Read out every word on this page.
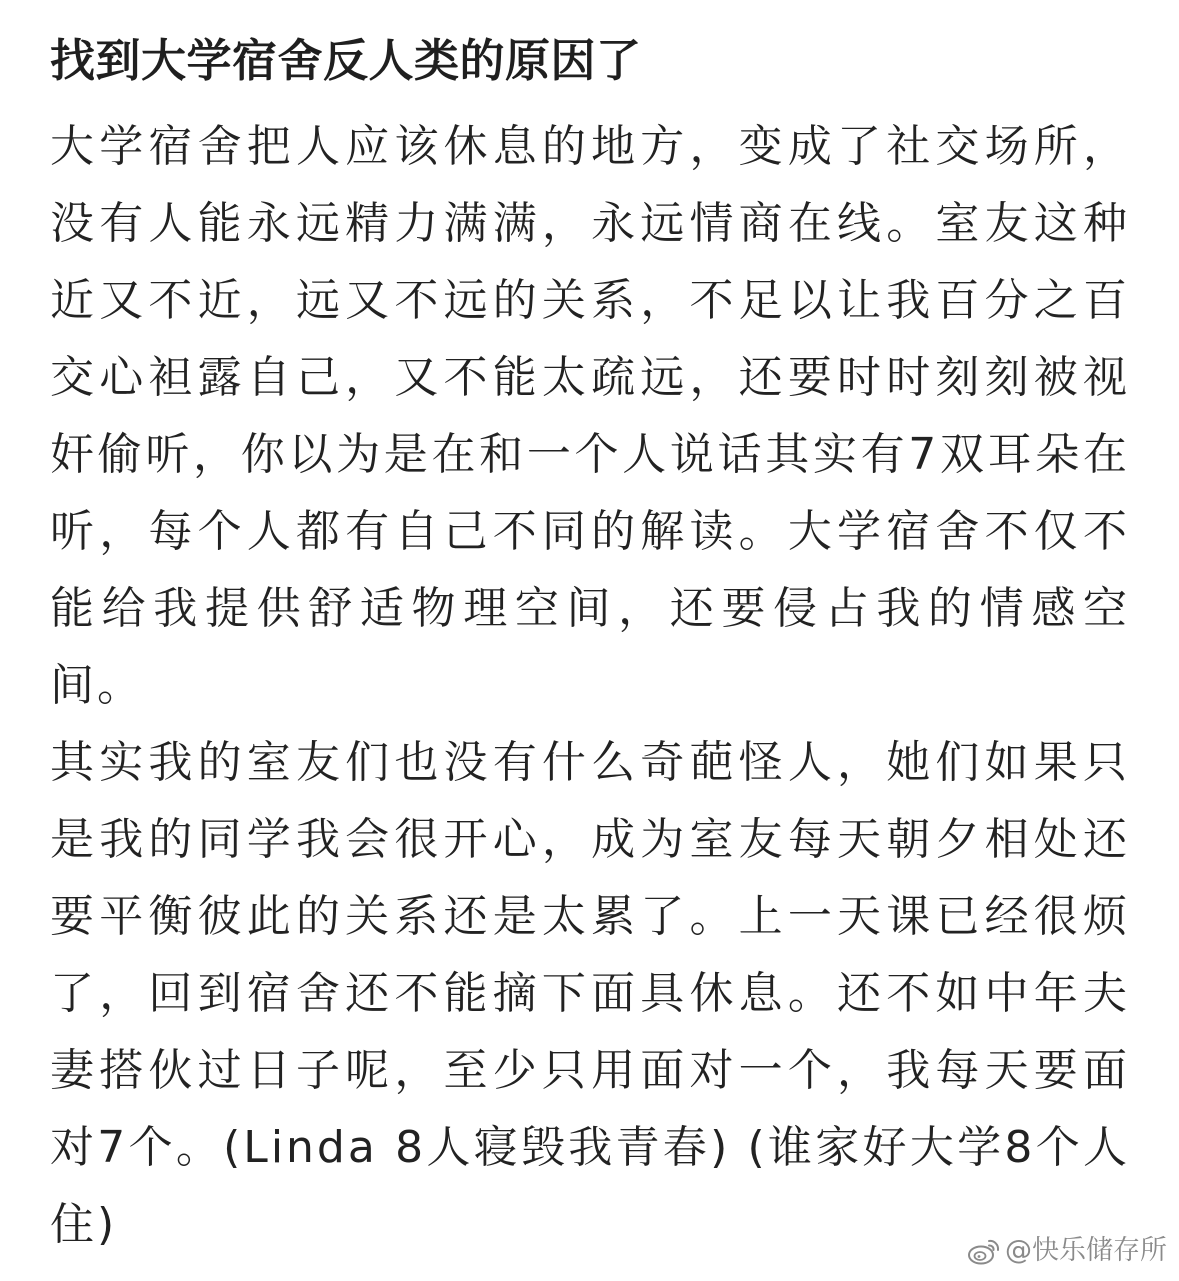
找到大学宿舍反人类的原因了

大学宿舍把人应该休息的地方，变成了社交场所，没有人能永远精力满满，永远情商在线。室友这种近又不近，远又不远的关系，不足以让我百分之百交心袒露自己，又不能太疏远，还要时时刻刻被视奸偷听，你以为是在和一个人说话其实有7双耳朵在听，每个人都有自己不同的解读。大学宿舍不仅不能给我提供舒适物理空间，还要侵占我的情感空间。

其实我的室友们也没有什么奇葩怪人，她们如果只是我的同学我会很开心，成为室友每天朝夕相处还要平衡彼此的关系还是太累了。上一天课已经很烦了，回到宿舍还不能摘下面具休息。还不如中年夫妻搭伙过日子呢，至少只用面对一个，我每天要面对7个。(Linda 8人寝毁我青春) (谁家好大学8个人住)

@快乐储存所
